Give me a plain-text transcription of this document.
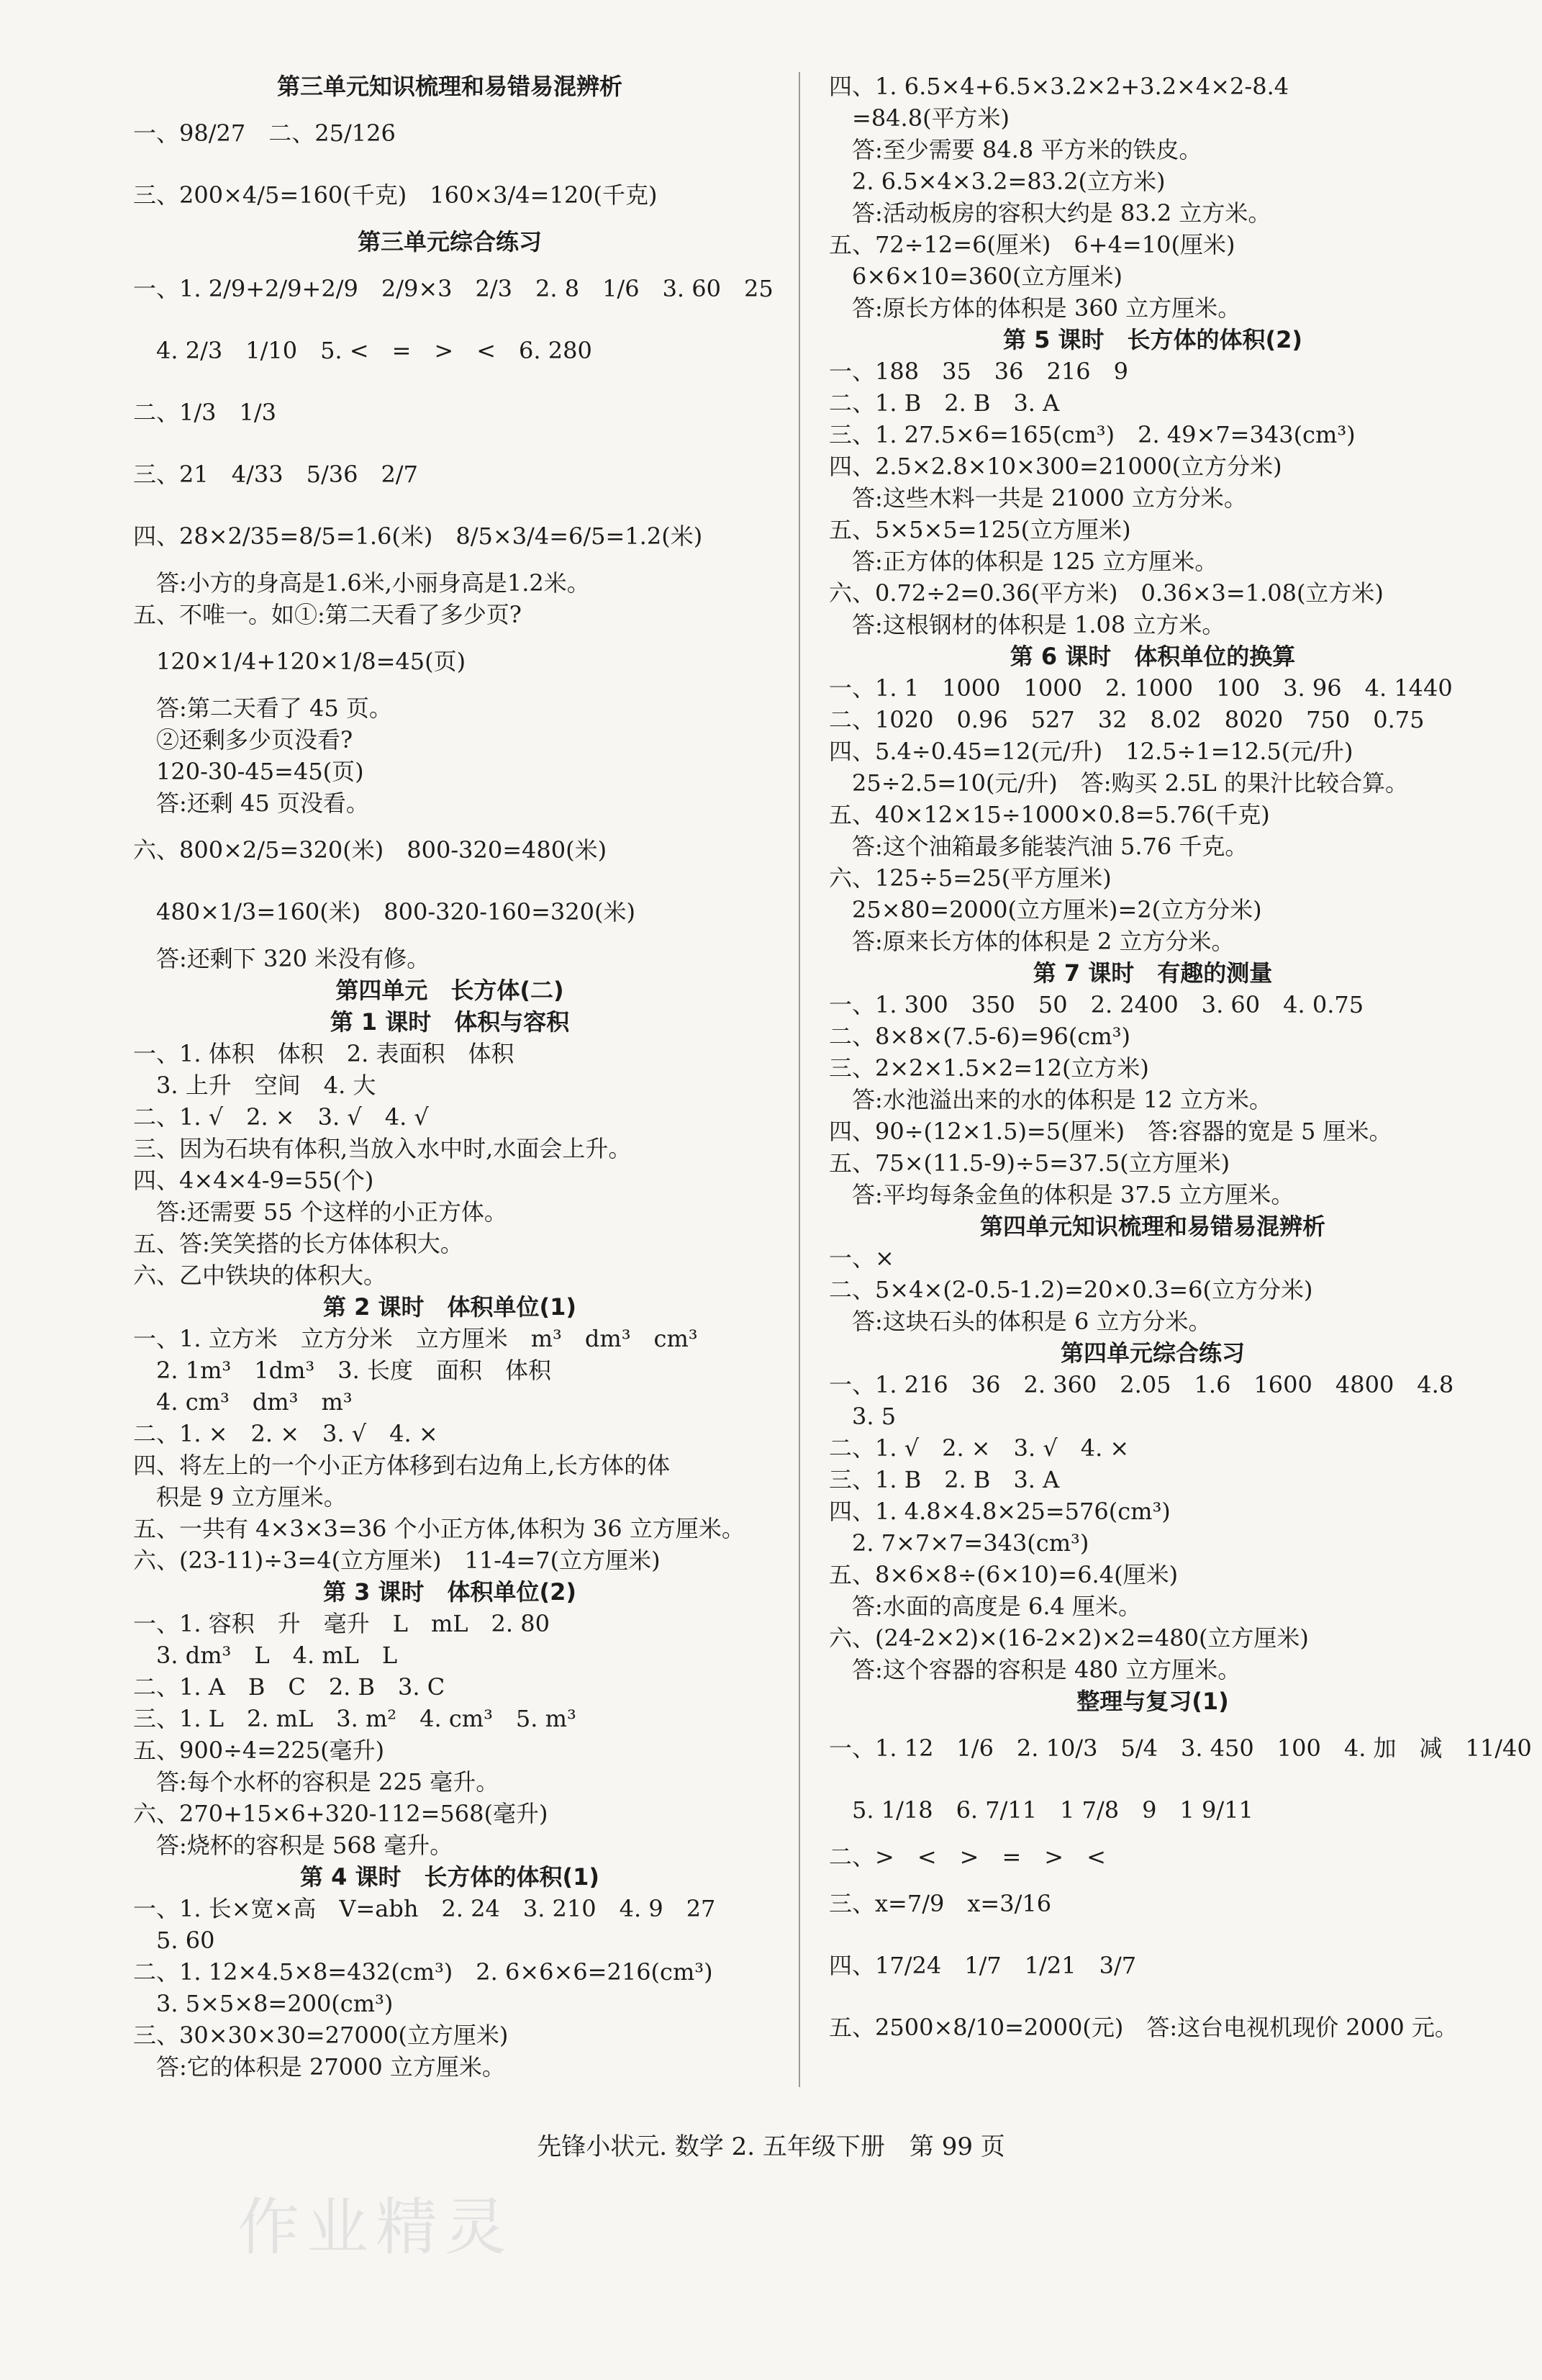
第三单元知识梳理和易错易混辨析
一、98/27　二、25/126
三、200×4/5=160(千克)　160×3/4=120(千克)
第三单元综合练习
一、1. 2/9+2/9+2/9　2/9×3　2/3　2. 8　1/6　3. 60　25
　4. 2/3　1/10　5. <　=　>　<　6. 280
二、1/3　1/3
三、21　4/33　5/36　2/7
四、28×2/35=8/5=1.6(米)　8/5×3/4=6/5=1.2(米)
　答:小方的身高是1.6米,小丽身高是1.2米。
五、不唯一。如①:第二天看了多少页?
　120×1/4+120×1/8=45(页)
　答:第二天看了 45 页。
　②还剩多少页没看?
　120-30-45=45(页)
　答:还剩 45 页没看。
六、800×2/5=320(米)　800-320=480(米)
　480×1/3=160(米)　800-320-160=320(米)
　答:还剩下 320 米没有修。
第四单元　长方体(二)
第 1 课时　体积与容积
一、1. 体积　体积　2. 表面积　体积
　3. 上升　空间　4. 大
二、1. √　2. ×　3. √　4. √
三、因为石块有体积,当放入水中时,水面会上升。
四、4×4×4-9=55(个)
　答:还需要 55 个这样的小正方体。
五、答:笑笑搭的长方体体积大。
六、乙中铁块的体积大。
第 2 课时　体积单位(1)
一、1. 立方米　立方分米　立方厘米　m³　dm³　cm³
　2. 1m³　1dm³　3. 长度　面积　体积
　4. cm³　dm³　m³
二、1. ×　2. ×　3. √　4. ×
四、将左上的一个小正方体移到右边角上,长方体的体
　积是 9 立方厘米。
五、一共有 4×3×3=36 个小正方体,体积为 36 立方厘米。
六、(23-11)÷3=4(立方厘米)　11-4=7(立方厘米)
第 3 课时　体积单位(2)
一、1. 容积　升　毫升　L　mL　2. 80
　3. dm³　L　4. mL　L
二、1. A　B　C　2. B　3. C
三、1. L　2. mL　3. m²　4. cm³　5. m³
五、900÷4=225(毫升)
　答:每个水杯的容积是 225 毫升。
六、270+15×6+320-112=568(毫升)
　答:烧杯的容积是 568 毫升。
第 4 课时　长方体的体积(1)
一、1. 长×宽×高　V=abh　2. 24　3. 210　4. 9　27
　5. 60
二、1. 12×4.5×8=432(cm³)　2. 6×6×6=216(cm³)
　3. 5×5×8=200(cm³)
三、30×30×30=27000(立方厘米)
　答:它的体积是 27000 立方厘米。
四、1. 6.5×4+6.5×3.2×2+3.2×4×2-8.4
　=84.8(平方米)
　答:至少需要 84.8 平方米的铁皮。
　2. 6.5×4×3.2=83.2(立方米)
　答:活动板房的容积大约是 83.2 立方米。
五、72÷12=6(厘米)　6+4=10(厘米)
　6×6×10=360(立方厘米)
　答:原长方体的体积是 360 立方厘米。
第 5 课时　长方体的体积(2)
一、188　35　36　216　9
二、1. B　2. B　3. A
三、1. 27.5×6=165(cm³)　2. 49×7=343(cm³)
四、2.5×2.8×10×300=21000(立方分米)
　答:这些木料一共是 21000 立方分米。
五、5×5×5=125(立方厘米)
　答:正方体的体积是 125 立方厘米。
六、0.72÷2=0.36(平方米)　0.36×3=1.08(立方米)
　答:这根钢材的体积是 1.08 立方米。
第 6 课时　体积单位的换算
一、1. 1　1000　1000　2. 1000　100　3. 96　4. 1440
二、1020　0.96　527　32　8.02　8020　750　0.75
四、5.4÷0.45=12(元/升)　12.5÷1=12.5(元/升)
　25÷2.5=10(元/升)　答:购买 2.5L 的果汁比较合算。
五、40×12×15÷1000×0.8=5.76(千克)
　答:这个油箱最多能装汽油 5.76 千克。
六、125÷5=25(平方厘米)
　25×80=2000(立方厘米)=2(立方分米)
　答:原来长方体的体积是 2 立方分米。
第 7 课时　有趣的测量
一、1. 300　350　50　2. 2400　3. 60　4. 0.75
二、8×8×(7.5-6)=96(cm³)
三、2×2×1.5×2=12(立方米)
　答:水池溢出来的水的体积是 12 立方米。
四、90÷(12×1.5)=5(厘米)　答:容器的宽是 5 厘米。
五、75×(11.5-9)÷5=37.5(立方厘米)
　答:平均每条金鱼的体积是 37.5 立方厘米。
第四单元知识梳理和易错易混辨析
一、×
二、5×4×(2-0.5-1.2)=20×0.3=6(立方分米)
　答:这块石头的体积是 6 立方分米。
第四单元综合练习
一、1. 216　36　2. 360　2.05　1.6　1600　4800　4.8
　3. 5
二、1. √　2. ×　3. √　4. ×
三、1. B　2. B　3. A
四、1. 4.8×4.8×25=576(cm³)
　2. 7×7×7=343(cm³)
五、8×6×8÷(6×10)=6.4(厘米)
　答:水面的高度是 6.4 厘米。
六、(24-2×2)×(16-2×2)×2=480(立方厘米)
　答:这个容器的容积是 480 立方厘米。
整理与复习(1)
一、1. 12　1/6　2. 10/3　5/4　3. 450　100　4. 加　减　11/40
　5. 1/18　6. 7/11　1 7/8　9　1 9/11
二、>　<　>　=　>　<
三、x=7/9　x=3/16
四、17/24　1/7　1/21　3/7
五、2500×8/10=2000(元)　答:这台电视机现价 2000 元。
先锋小状元. 数学 2. 五年级下册　第 99 页
作业精灵
